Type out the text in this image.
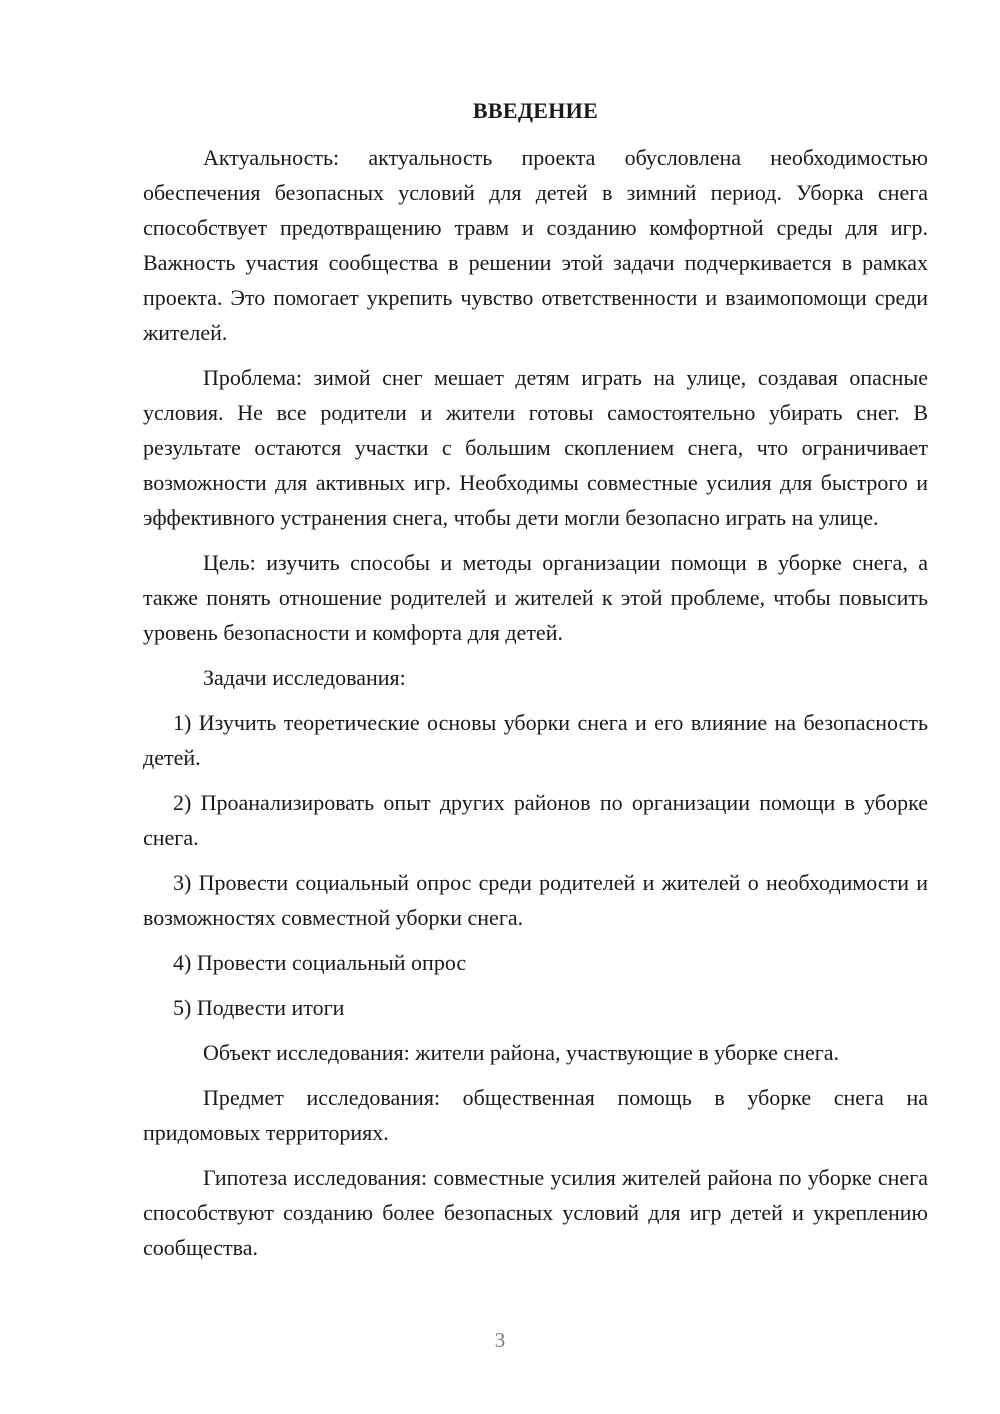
ВВЕДЕНИЕ
Актуальность: актуальность проекта обусловлена необходимостью обеспечения безопасных условий для детей в зимний период. Уборка снега способствует предотвращению травм и созданию комфортной среды для игр. Важность участия сообщества в решении этой задачи подчеркивается в рамках проекта. Это помогает укрепить чувство ответственности и взаимопомощи среди жителей.
Проблема: зимой снег мешает детям играть на улице, создавая опасные условия. Не все родители и жители готовы самостоятельно убирать снег. В результате остаются участки с большим скоплением снега, что ограничивает возможности для активных игр. Необходимы совместные усилия для быстрого и эффективного устранения снега, чтобы дети могли безопасно играть на улице.
Цель: изучить способы и методы организации помощи в уборке снега, а также понять отношение родителей и жителей к этой проблеме, чтобы повысить уровень безопасности и комфорта для детей.
Задачи исследования:
1) Изучить теоретические основы уборки снега и его влияние на безопасность детей.
2) Проанализировать опыт других районов по организации помощи в уборке снега.
3) Провести социальный опрос среди родителей и жителей о необходимости и возможностях совместной уборки снега.
4) Провести социальный опрос
5) Подвести итоги
Объект исследования: жители района, участвующие в уборке снега.
Предмет исследования: общественная помощь в уборке снега на придомовых территориях.
Гипотеза исследования: совместные усилия жителей района по уборке снега способствуют созданию более безопасных условий для игр детей и укреплению сообщества.
3
